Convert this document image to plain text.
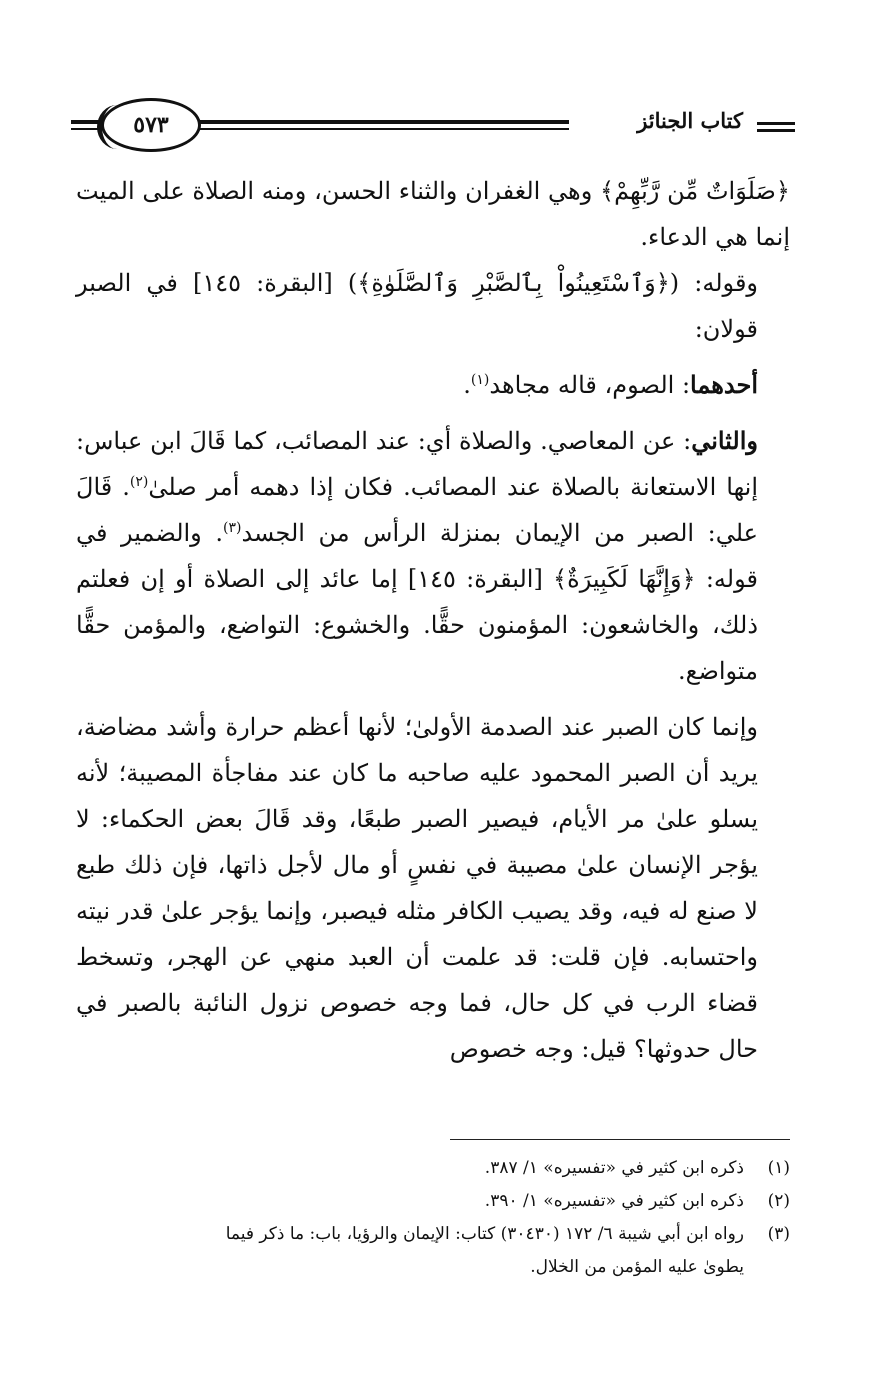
كتاب الجنائز
٥٧٣

﴿صَلَوَاتٌ مِّن رَّبِّهِمْ﴾ وهي الغفران والثناء الحسن، ومنه الصلاة على الميت إنما هي الدعاء.

وقوله: (﴿وَٱسْتَعِينُواْ بِٱلصَّبْرِ وَٱلصَّلَوٰةِ﴾) [البقرة: ١٤٥] في الصبر قولان:

أحدهما: الصوم، قاله مجاهد$^{(١)}$.

والثاني: عن المعاصي. والصلاة أي: عند المصائب، كما قَالَ ابن عباس: إنها الاستعانة بالصلاة عند المصائب. فكان إذا دهمه أمر صلىٰ$^{(٢)}$. قَالَ علي: الصبر من الإيمان بمنزلة الرأس من الجسد$^{(٣)}$. والضمير في قوله: ﴿وَإِنَّهَا لَكَبِيرَةٌ﴾ [البقرة: ١٤٥] إما عائد إلى الصلاة أو إن فعلتم ذلك، والخاشعون: المؤمنون حقًّا. والخشوع: التواضع، والمؤمن حقًّا متواضع.

وإنما كان الصبر عند الصدمة الأولىٰ؛ لأنها أعظم حرارة وأشد مضاضة، يريد أن الصبر المحمود عليه صاحبه ما كان عند مفاجأة المصيبة؛ لأنه يسلو علىٰ مر الأيام، فيصير الصبر طبعًا، وقد قَالَ بعض الحكماء: لا يؤجر الإنسان علىٰ مصيبة في نفسٍ أو مال لأجل ذاتها، فإن ذلك طبع لا صنع له فيه، وقد يصيب الكافر مثله فيصبر، وإنما يؤجر علىٰ قدر نيته واحتسابه. فإن قلت: قد علمت أن العبد منهي عن الهجر، وتسخط قضاء الرب في كل حال، فما وجه خصوص نزول النائبة بالصبر في حال حدوثها؟ قيل: وجه خصوص

(١)
ذكره ابن كثير في «تفسيره» ١/ ٣٨٧.
(٢)
ذكره ابن كثير في «تفسيره» ١/ ٣٩٠.
(٣)
رواه ابن أبي شيبة ٦/ ١٧٢ (٣٠٤٣٠) كتاب: الإيمان والرؤيا، باب: ما ذكر فيما
يطوىٰ عليه المؤمن من الخلال.
